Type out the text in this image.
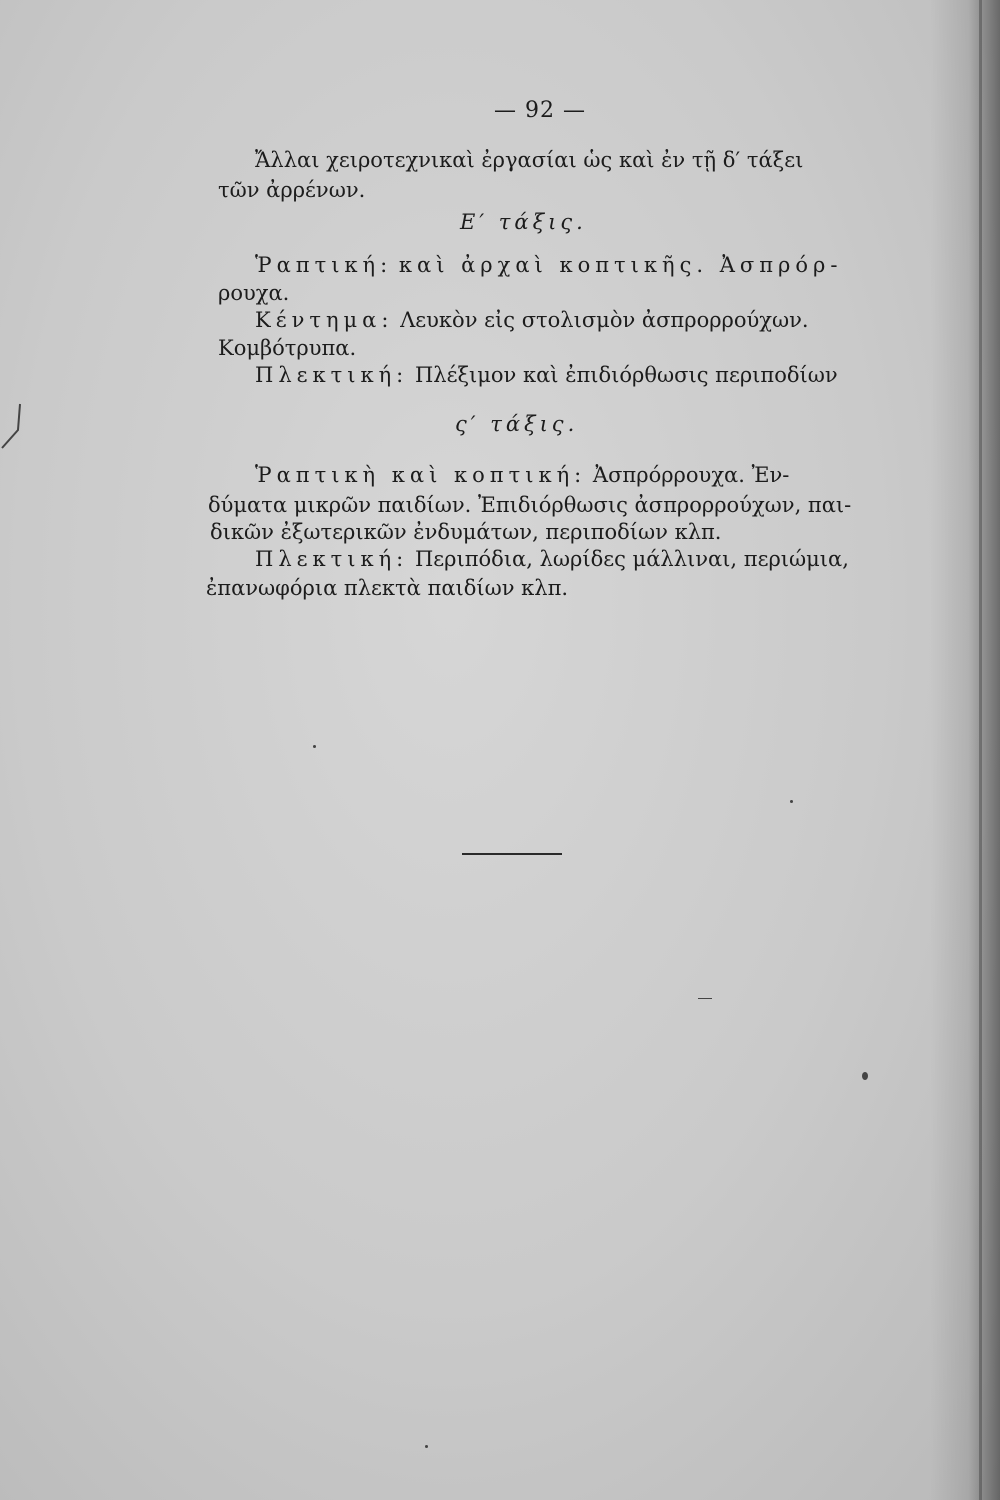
— 92 —
Ἄλλαι χειροτεχνικαὶ ἐργασίαι ὡς καὶ ἐν τῇ δ′ τάξει
τῶν ἀρρένων.
Ε′ τάξις.
Ῥαπτική: καὶ ἀρχαὶ κοπτικῆς. Ἀσπρόρ-
ρουχα.
Κέντημα: Λευκὸν εἰς στολισμὸν ἀσπρορρούχων.
Κομβότρυπα.
Πλεκτική: Πλέξιμον καὶ ἐπιδιόρθωσις περιποδίων
ς′ τάξις.
Ῥαπτικὴ καὶ κοπτική: Ἀσπρόρρουχα. Ἐν-
δύματα μικρῶν παιδίων. Ἐπιδιόρθωσις ἀσπρορρούχων, παι-
δικῶν ἐξωτερικῶν ἐνδυμάτων, περιποδίων κλπ.
Πλεκτική: Περιπόδια, λωρίδες μάλλιναι, περιώμια,
ἐπανωφόρια πλεκτὰ παιδίων κλπ.
